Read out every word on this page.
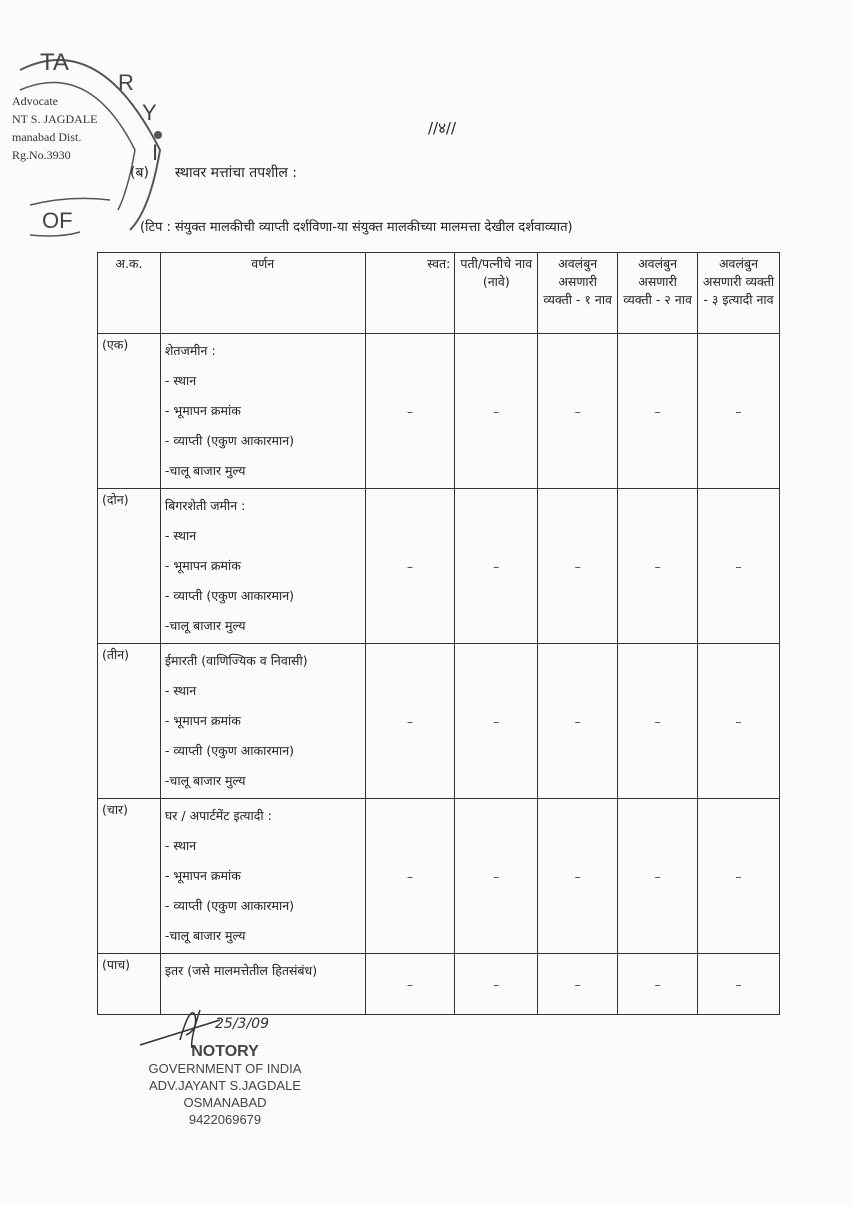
TA
R
Y
I
OF
Advocate
NT S. JAGDALE
manabad Dist.
Rg.No.3930
//४//
(ब) स्थावर मत्तांचा तपशील :
(टिप : संयुक्त मालकीची व्याप्ती दर्शविणा-या संयुक्त मालकीच्या मालमत्ता देखील दर्शवाव्यात)
अ.क.	वर्णन	स्वत:	पती/पत्नीचे नाव (नावे)	अवलंबुन असणारी व्यक्ती - १ नाव	अवलंबुन असणारी व्यक्ती - २ नाव	अवलंबुन असणारी व्यक्ती - ३ इत्यादी नाव
(एक)	शेतजमीन :
- स्थान
- भूमापन क्रमांक
- व्याप्ती (एकुण आकारमान)
-चालू बाजार मुल्य	–	–	–	–	–
(दोन)	बिगरशेती जमीन :
- स्थान
- भूमापन क्रमांक
- व्याप्ती (एकुण आकारमान)
-चालू बाजार मुल्य	–	–	–	–	–
(तीन)	ईमारती (वाणिज्यिक व निवासी)
- स्थान
- भूमापन क्रमांक
- व्याप्ती (एकुण आकारमान)
-चालू बाजार मुल्य	–	–	–	–	–
(चार)	घर / अपार्टमेंट इत्यादी :
- स्थान
- भूमापन क्रमांक
- व्याप्ती (एकुण आकारमान)
-चालू बाजार मुल्य	–	–	–	–	–
(पाच)	इतर (जसे मालमत्तेतील हितसंबंध)	–	–	–	–	–
25/3/09
NOTORY
GOVERNMENT OF INDIA
ADV.JAYANT S.JAGDALE
OSMANABAD
9422069679
